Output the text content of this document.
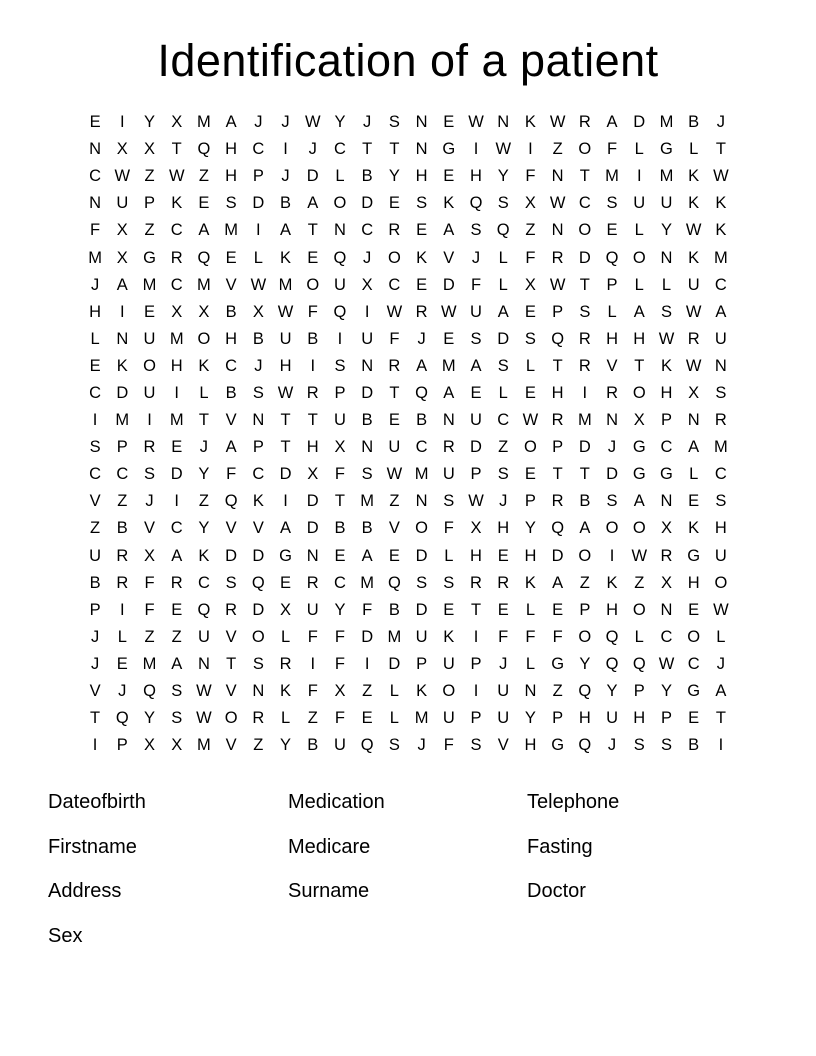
Identification of a patient
E	I	Y X M A	J	J W Y	J	S N E W N K W R A D M B	J
N X X	T Q H C	I	J	C T	T N G	I	W	I	Z O F	L G L	T
C W Z W Z H P	J	D	L	B Y H E H Y	F N T M	I	M K W
N U P K E S D B A O D E S K Q S X W C S U U K K
F	X	Z C A M	I	A	T N C R E A S Q Z N O E	L	Y W K
M X G R Q E	L	K E Q	J	O K V	J	L	F R D Q O N K M
J	A M C M V W M O U X C E D F	L	X W T	P	L	L	U C
H	I	E X X B X W F Q	I	W R W U A E P S	L	A S W A
L	N U M O H B U B	I	U F	J	E S D S Q R H H W R U
E K O H K C	J	H	I	S N R A M A S	L	T R V	T	K W N
C D U	I	L	B S W R P D T Q A E	L	E H	I	R O H X S
I	M	I	M T	V N T	T U B E B N U C W R M N X P N R
S P R E	J	A P	T H X N U C R D Z O P D	J	G C A M
C C S D Y	F C D X	F	S W M U P S E	T	T D G G L	C
V	Z	J	I	Z Q K	I	D T M Z N S W J	P R B S A N E S
Z	B V C Y V V A D B B V O F	X H Y Q A O O X K H
U R X A K D D G N E A E D	L	H E H D O	I	W R G U
B R F R C S Q E R C M Q S S R R K A	Z	K	Z	X H O
P	I	F	E Q R D X U Y	F	B D E	T	E	L	E P H O N E W
J	L	Z	Z U V O L	F	F D M U K	I	F	F	F O Q L	C O L
J	E M A N T	S R	I	F	I	D P U P	J	L G Y Q Q W C	J
V	J	Q S W V N K	F	X	Z	L	K O	I	U N Z Q Y P Y G A
T Q Y S W O R	L	Z	F	E	L M U P U Y P H U H P E	T
I	P X X M V	Z	Y B U Q S	J	F	S V H G Q	J	S S B	I
Dateofbirth
Firstname
Address
Sex
Medication
Medicare
Surname
Telephone
Fasting
Doctor
